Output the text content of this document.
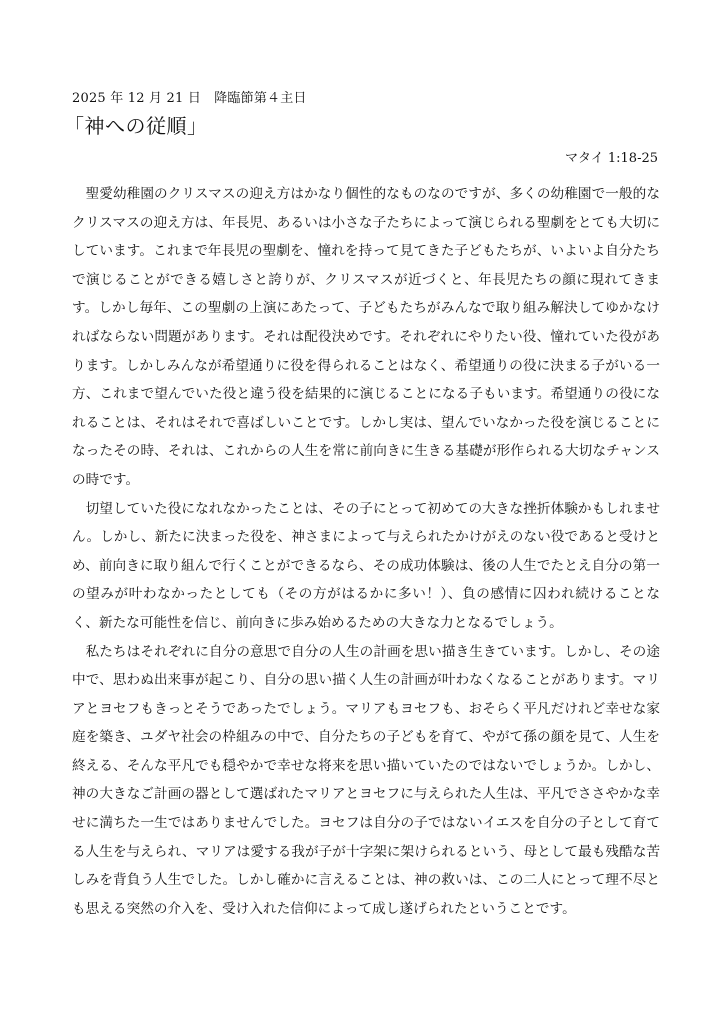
2025 年 12 月 21 日　降臨節第４主日
「神への従順」
マタイ 1:18-25

聖愛幼稚園のクリスマスの迎え方はかなり個性的なものなのですが、多くの幼稚園で一般的なクリスマスの迎え方は、年長児、あるいは小さな子たちによって演じられる聖劇をとても大切にしています。これまで年長児の聖劇を、憧れを持って見てきた子どもたちが、いよいよ自分たちで演じることができる嬉しさと誇りが、クリスマスが近づくと、年長児たちの顔に現れてきます。しかし毎年、この聖劇の上演にあたって、子どもたちがみんなで取り組み解決してゆかなければならない問題があります。それは配役決めです。それぞれにやりたい役、憧れていた役があります。しかしみんなが希望通りに役を得られることはなく、希望通りの役に決まる子がいる一方、これまで望んでいた役と違う役を結果的に演じることになる子もいます。希望通りの役になれることは、それはそれで喜ばしいことです。しかし実は、望んでいなかった役を演じることになったその時、それは、これからの人生を常に前向きに生きる基礎が形作られる大切なチャンスの時です。

切望していた役になれなかったことは、その子にとって初めての大きな挫折体験かもしれません。しかし、新たに決まった役を、神さまによって与えられたかけがえのない役であると受けとめ、前向きに取り組んで行くことができるなら、その成功体験は、後の人生でたとえ自分の第一の望みが叶わなかったとしても（その方がはるかに多い！）、負の感情に囚われ続けることなく、新たな可能性を信じ、前向きに歩み始めるための大きな力となるでしょう。

私たちはそれぞれに自分の意思で自分の人生の計画を思い描き生きています。しかし、その途中で、思わぬ出来事が起こり、自分の思い描く人生の計画が叶わなくなることがあります。マリアとヨセフもきっとそうであったでしょう。マリアもヨセフも、おそらく平凡だけれど幸せな家庭を築き、ユダヤ社会の枠組みの中で、自分たちの子どもを育て、やがて孫の顔を見て、人生を終える、そんな平凡でも穏やかで幸せな将来を思い描いていたのではないでしょうか。しかし、神の大きなご計画の器として選ばれたマリアとヨセフに与えられた人生は、平凡でささやかな幸せに満ちた一生ではありませんでした。ヨセフは自分の子ではないイエスを自分の子として育てる人生を与えられ、マリアは愛する我が子が十字架に架けられるという、母として最も残酷な苦しみを背負う人生でした。しかし確かに言えることは、神の救いは、この二人にとって理不尽とも思える突然の介入を、受け入れた信仰によって成し遂げられたということです。
